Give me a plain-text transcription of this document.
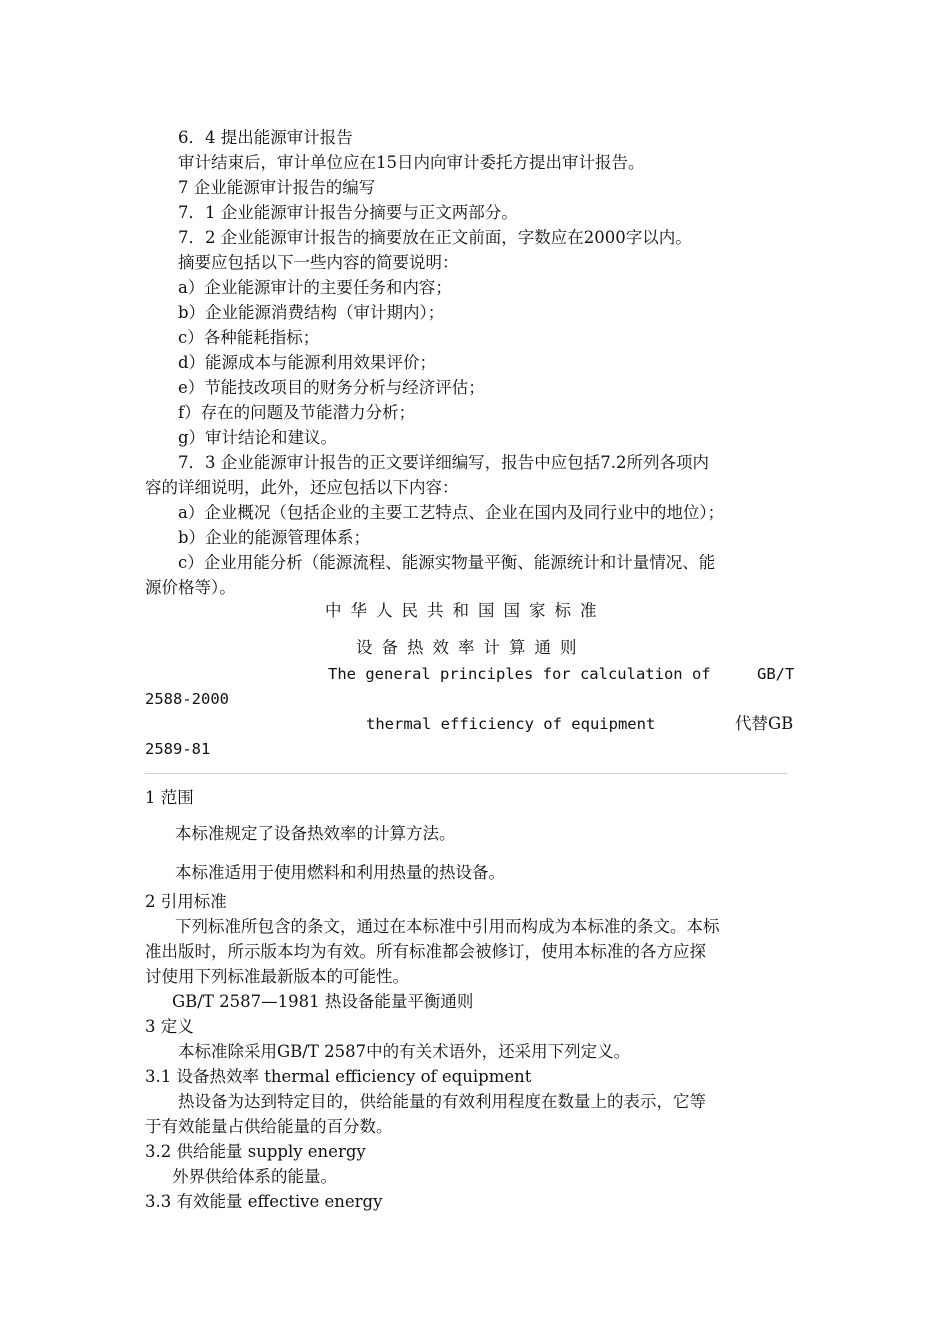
6．4 提出能源审计报告
审计结束后，审计单位应在15日内向审计委托方提出审计报告。
7 企业能源审计报告的编写
7．1 企业能源审计报告分摘要与正文两部分。
7．2 企业能源审计报告的摘要放在正文前面，字数应在2000字以内。
摘要应包括以下一些内容的简要说明：
a）企业能源审计的主要任务和内容；
b）企业能源消费结构（审计期内）；
c）各种能耗指标；
d）能源成本与能源利用效果评价；
e）节能技改项目的财务分析与经济评估；
f）存在的问题及节能潜力分析；
g）审计结论和建议。
7．3 企业能源审计报告的正文要详细编写，报告中应包括7.2所列各项内
容的详细说明，此外，还应包括以下内容：
a）企业概况（包括企业的主要工艺特点、企业在国内及同行业中的地位）；
b）企业的能源管理体系；
c）企业用能分析（能源流程、能源实物量平衡、能源统计和计量情况、能
源价格等）。
中华人民共和国国家标准
设备热效率计算通则
The general principles for calculation of	GB/T
2588-2000
thermal efficiency of equipment	代替GB
2589-81
1 范围
本标准规定了设备热效率的计算方法。
本标准适用于使用燃料和利用热量的热设备。
2 引用标准
下列标准所包含的条文，通过在本标准中引用而构成为本标准的条文。本标
准出版时，所示版本均为有效。所有标准都会被修订，使用本标准的各方应探
讨使用下列标准最新版本的可能性。
GB/T 2587—1981 热设备能量平衡通则
3 定义
本标准除采用GB/T 2587中的有关术语外，还采用下列定义。
3.1 设备热效率 thermal efficiency of equipment
热设备为达到特定目的，供给能量的有效利用程度在数量上的表示，它等
于有效能量占供给能量的百分数。
3.2 供给能量 supply energy
外界供给体系的能量。
3.3 有效能量 effective energy
